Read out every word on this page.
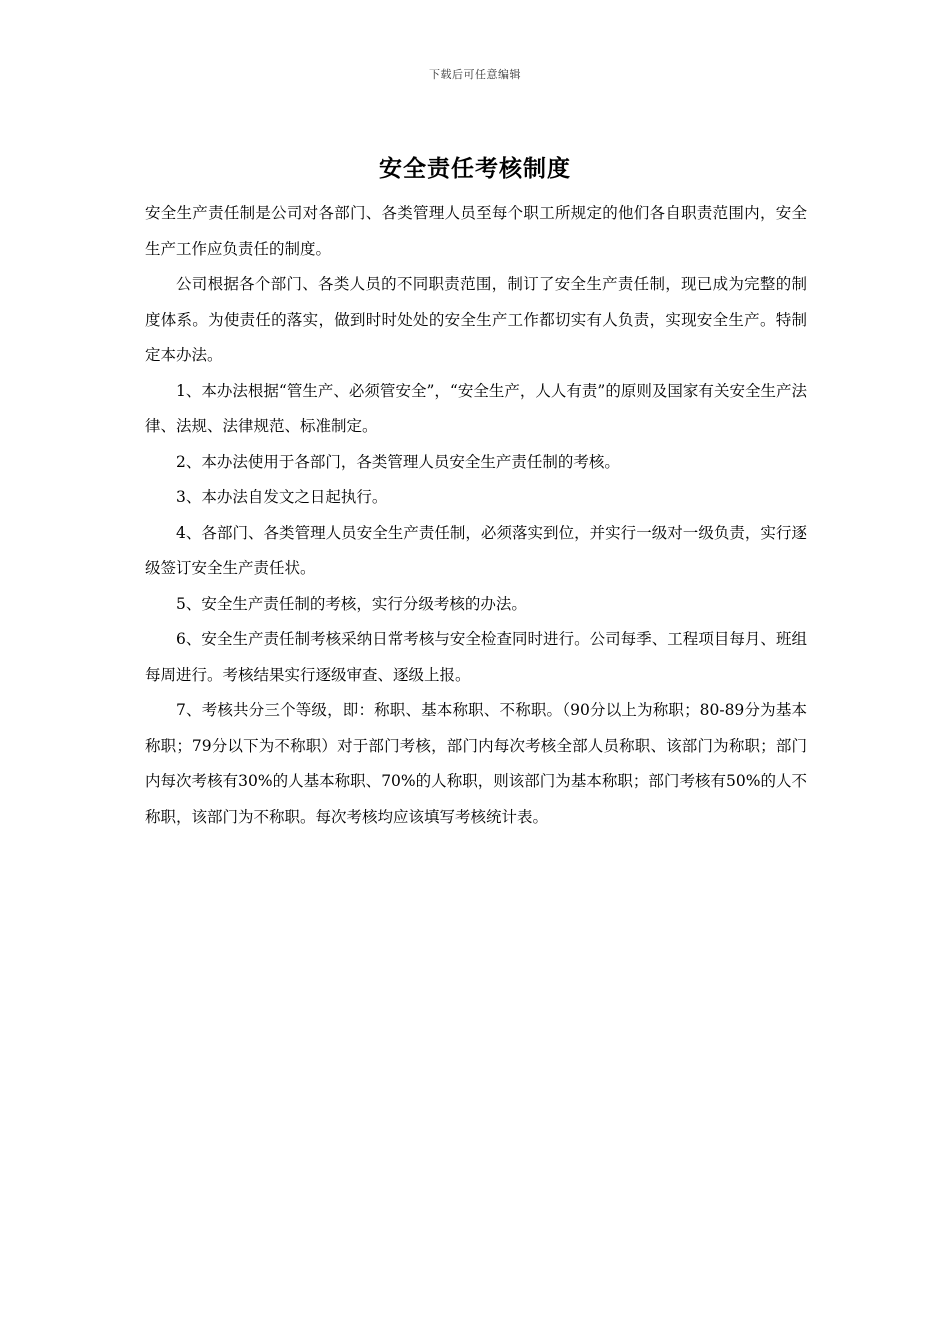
下载后可任意编辑
安全责任考核制度

安全生产责任制是公司对各部门、各类管理人员至每个职工所规定的他们各自职责范围内，安全生产工作应负责任的制度。

公司根据各个部门、各类人员的不同职责范围，制订了安全生产责任制，现已成为完整的制度体系。为使责任的落实，做到时时处处的安全生产工作都切实有人负责，实现安全生产。特制定本办法。

1、本办法根据“管生产、必须管安全”，“安全生产，人人有责”的原则及国家有关安全生产法律、法规、法律规范、标准制定。

2、本办法使用于各部门，各类管理人员安全生产责任制的考核。

3、本办法自发文之日起执行。

4、各部门、各类管理人员安全生产责任制，必须落实到位，并实行一级对一级负责，实行逐级签订安全生产责任状。

5、安全生产责任制的考核，实行分级考核的办法。

6、安全生产责任制考核采纳日常考核与安全检查同时进行。公司每季、工程项目每月、班组每周进行。考核结果实行逐级审查、逐级上报。

7、考核共分三个等级，即：称职、基本称职、不称职。（90分以上为称职；80-89分为基本称职；79分以下为不称职）对于部门考核，部门内每次考核全部人员称职、该部门为称职；部门内每次考核有30%的人基本称职、70%的人称职，则该部门为基本称职；部门考核有50%的人不称职，该部门为不称职。每次考核均应该填写考核统计表。
